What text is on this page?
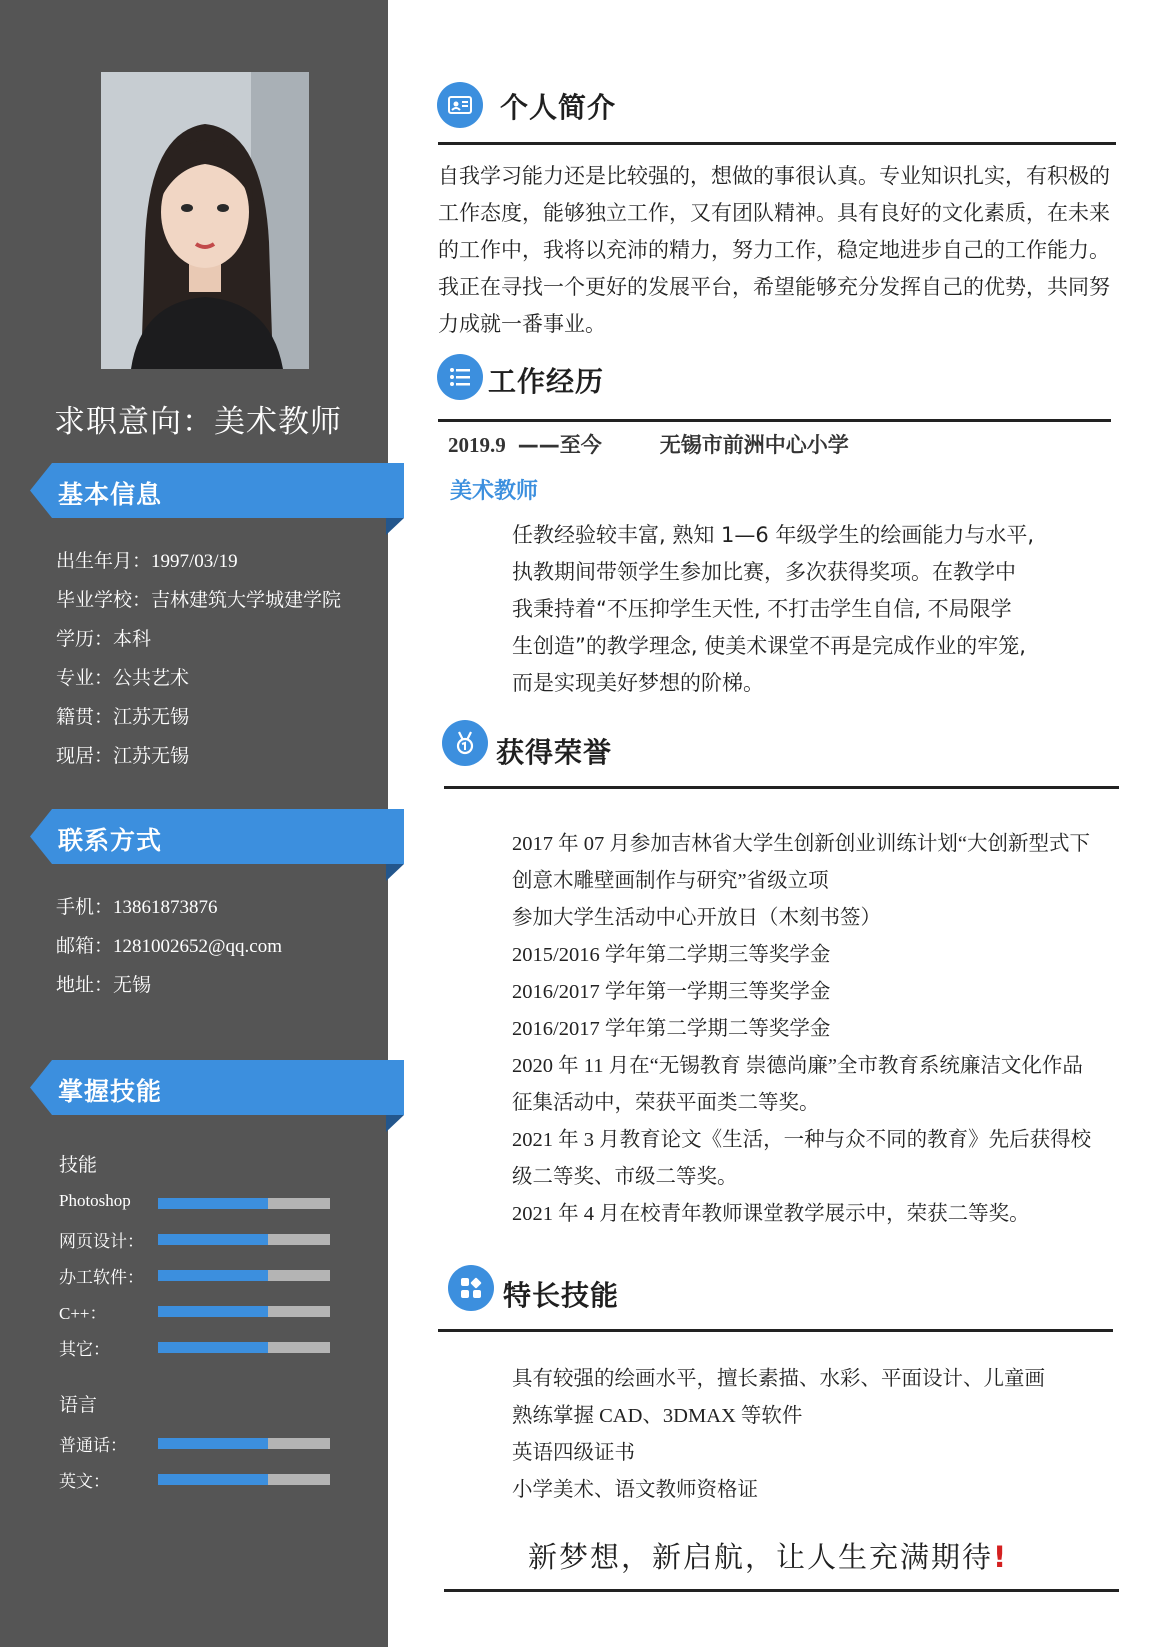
求职意向：美术教师
基本信息
出生年月：1997/03/19
毕业学校：吉林建筑大学城建学院
学历：本科
专业：公共艺术
籍贯：江苏无锡
现居：江苏无锡
联系方式
手机：13861873876
邮箱：1281002652@qq.com
地址：无锡
掌握技能
技能
Photoshop
网页设计：
办工软件：
C++：
其它：
语言
普通话：
英文：
个人简介
自我学习能力还是比较强的，想做的事很认真。专业知识扎实，有积极的
工作态度，能够独立工作，又有团队精神。具有良好的文化素质，在未来
的工作中，我将以充沛的精力，努力工作，稳定地进步自己的工作能力。
我正在寻找一个更好的发展平台，希望能够充分发挥自己的优势，共同努
力成就一番事业。
工作经历
2019.9 ——至今	无锡市前洲中心小学
美术教师
任教经验较丰富, 熟知 1—6 年级学生的绘画能力与水平,
执教期间带领学生参加比赛，多次获得奖项。在教学中
我秉持着“不压抑学生天性, 不打击学生自信, 不局限学
生创造”的教学理念, 使美术课堂不再是完成作业的牢笼,
而是实现美好梦想的阶梯。
获得荣誉
2017 年 07 月参加吉林省大学生创新创业训练计划“大创新型式下
创意木雕壁画制作与研究”省级立项
参加大学生活动中心开放日（木刻书签）
2015/2016 学年第二学期三等奖学金
2016/2017 学年第一学期三等奖学金
2016/2017 学年第二学期二等奖学金
2020 年 11 月在“无锡教育 崇德尚廉”全市教育系统廉洁文化作品
征集活动中，荣获平面类二等奖。
2021 年 3 月教育论文《生活，一种与众不同的教育》先后获得校
级二等奖、市级二等奖。
2021 年 4 月在校青年教师课堂教学展示中，荣获二等奖。
特长技能
具有较强的绘画水平，擅长素描、水彩、平面设计、儿童画
熟练掌握 CAD、3DMAX 等软件
英语四级证书
小学美术、语文教师资格证
新梦想，新启航，让人生充满期待!
